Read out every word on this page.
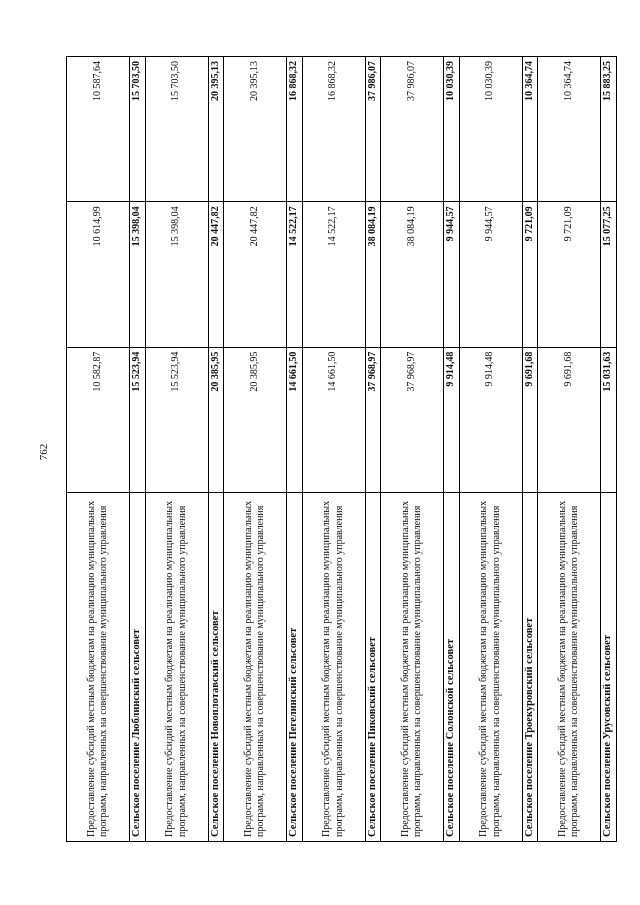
762
Предоставление субсидий местным бюджетам на реализацию муниципальных программ, направленных на совершенствование муниципального управления	10 582,87	10 614,99	10 587,64
Сельское поселение Люблинский сельсовет	15 523,94	15 398,04	15 703,50
Предоставление субсидий местным бюджетам на реализацию муниципальных программ, направленных на совершенствование муниципального управления	15 523,94	15 398,04	15 703,50
Сельское поселение Новоплотавский сельсовет	20 385,95	20 447,82	20 395,13
Предоставление субсидий местным бюджетам на реализацию муниципальных программ, направленных на совершенствование муниципального управления	20 385,95	20 447,82	20 395,13
Сельское поселение Пегелинский сельсовет	14 661,50	14 522,17	16 868,32
Предоставление субсидий местным бюджетам на реализацию муниципальных программ, направленных на совершенствование муниципального управления	14 661,50	14 522,17	16 868,32
Сельское поселение Пиковский сельсовет	37 968,97	38 084,19	37 986,07
Предоставление субсидий местным бюджетам на реализацию муниципальных программ, направленных на совершенствование муниципального управления	37 968,97	38 084,19	37 986,07
Сельское поселение Солонской сельсовет	9 914,48	9 944,57	10 030,39
Предоставление субсидий местным бюджетам на реализацию муниципальных программ, направленных на совершенствование муниципального управления	9 914,48	9 944,57	10 030,39
Сельское поселение Троекуровский сельсовет	9 691,68	9 721,09	10 364,74
Предоставление субсидий местным бюджетам на реализацию муниципальных программ, направленных на совершенствование муниципального управления	9 691,68	9 721,09	10 364,74
Сельское поселение Урусовский сельсовет	15 031,63	15 077,25	15 883,25
